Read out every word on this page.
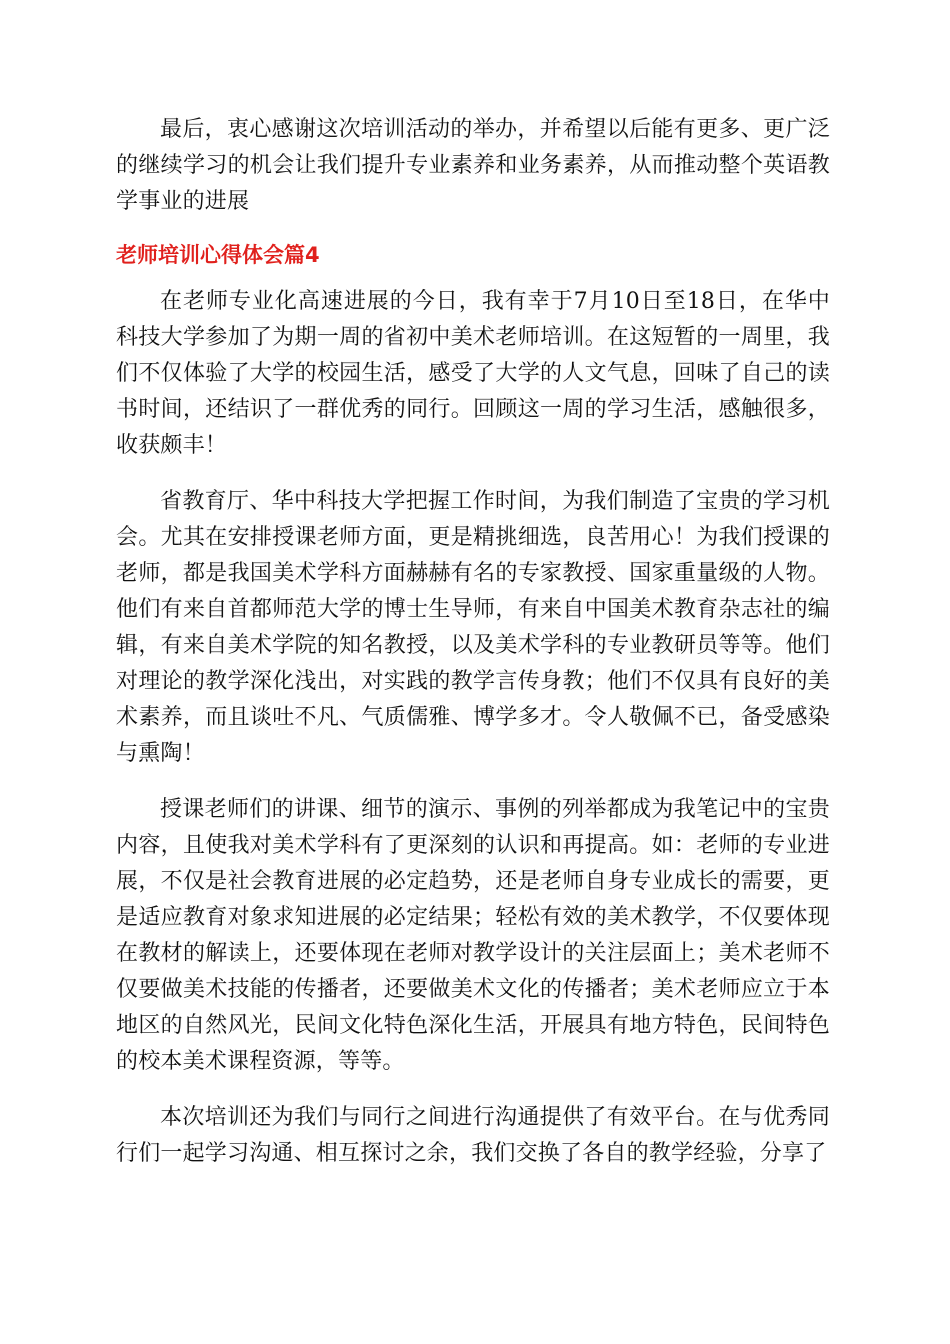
最后，衷心感谢这次培训活动的举办，并希望以后能有更多、更广泛的继续学习的机会让我们提升专业素养和业务素养，从而推动整个英语教学事业的进展

老师培训心得体会篇4

在老师专业化高速进展的今日，我有幸于7月10日至18日，在华中科技大学参加了为期一周的省初中美术老师培训。在这短暂的一周里，我们不仅体验了大学的校园生活，感受了大学的人文气息，回味了自己的读书时间，还结识了一群优秀的同行。回顾这一周的学习生活，感触很多，收获颇丰！

省教育厅、华中科技大学把握工作时间，为我们制造了宝贵的学习机会。尤其在安排授课老师方面，更是精挑细选，良苦用心！为我们授课的老师，都是我国美术学科方面赫赫有名的专家教授、国家重量级的人物。他们有来自首都师范大学的博士生导师，有来自中国美术教育杂志社的编辑，有来自美术学院的知名教授，以及美术学科的专业教研员等等。他们对理论的教学深化浅出，对实践的教学言传身教；他们不仅具有良好的美术素养，而且谈吐不凡、气质儒雅、博学多才。令人敬佩不已，备受感染与熏陶！

授课老师们的讲课、细节的演示、事例的列举都成为我笔记中的宝贵内容，且使我对美术学科有了更深刻的认识和再提高。如：老师的专业进展，不仅是社会教育进展的必定趋势，还是老师自身专业成长的需要，更是适应教育对象求知进展的必定结果；轻松有效的美术教学，不仅要体现在教材的解读上，还要体现在老师对教学设计的关注层面上；美术老师不仅要做美术技能的传播者，还要做美术文化的传播者；美术老师应立于本地区的自然风光，民间文化特色深化生活，开展具有地方特色，民间特色的校本美术课程资源，等等。

本次培训还为我们与同行之间进行沟通提供了有效平台。在与优秀同行们一起学习沟通、相互探讨之余，我们交换了各自的教学经验，分享了
